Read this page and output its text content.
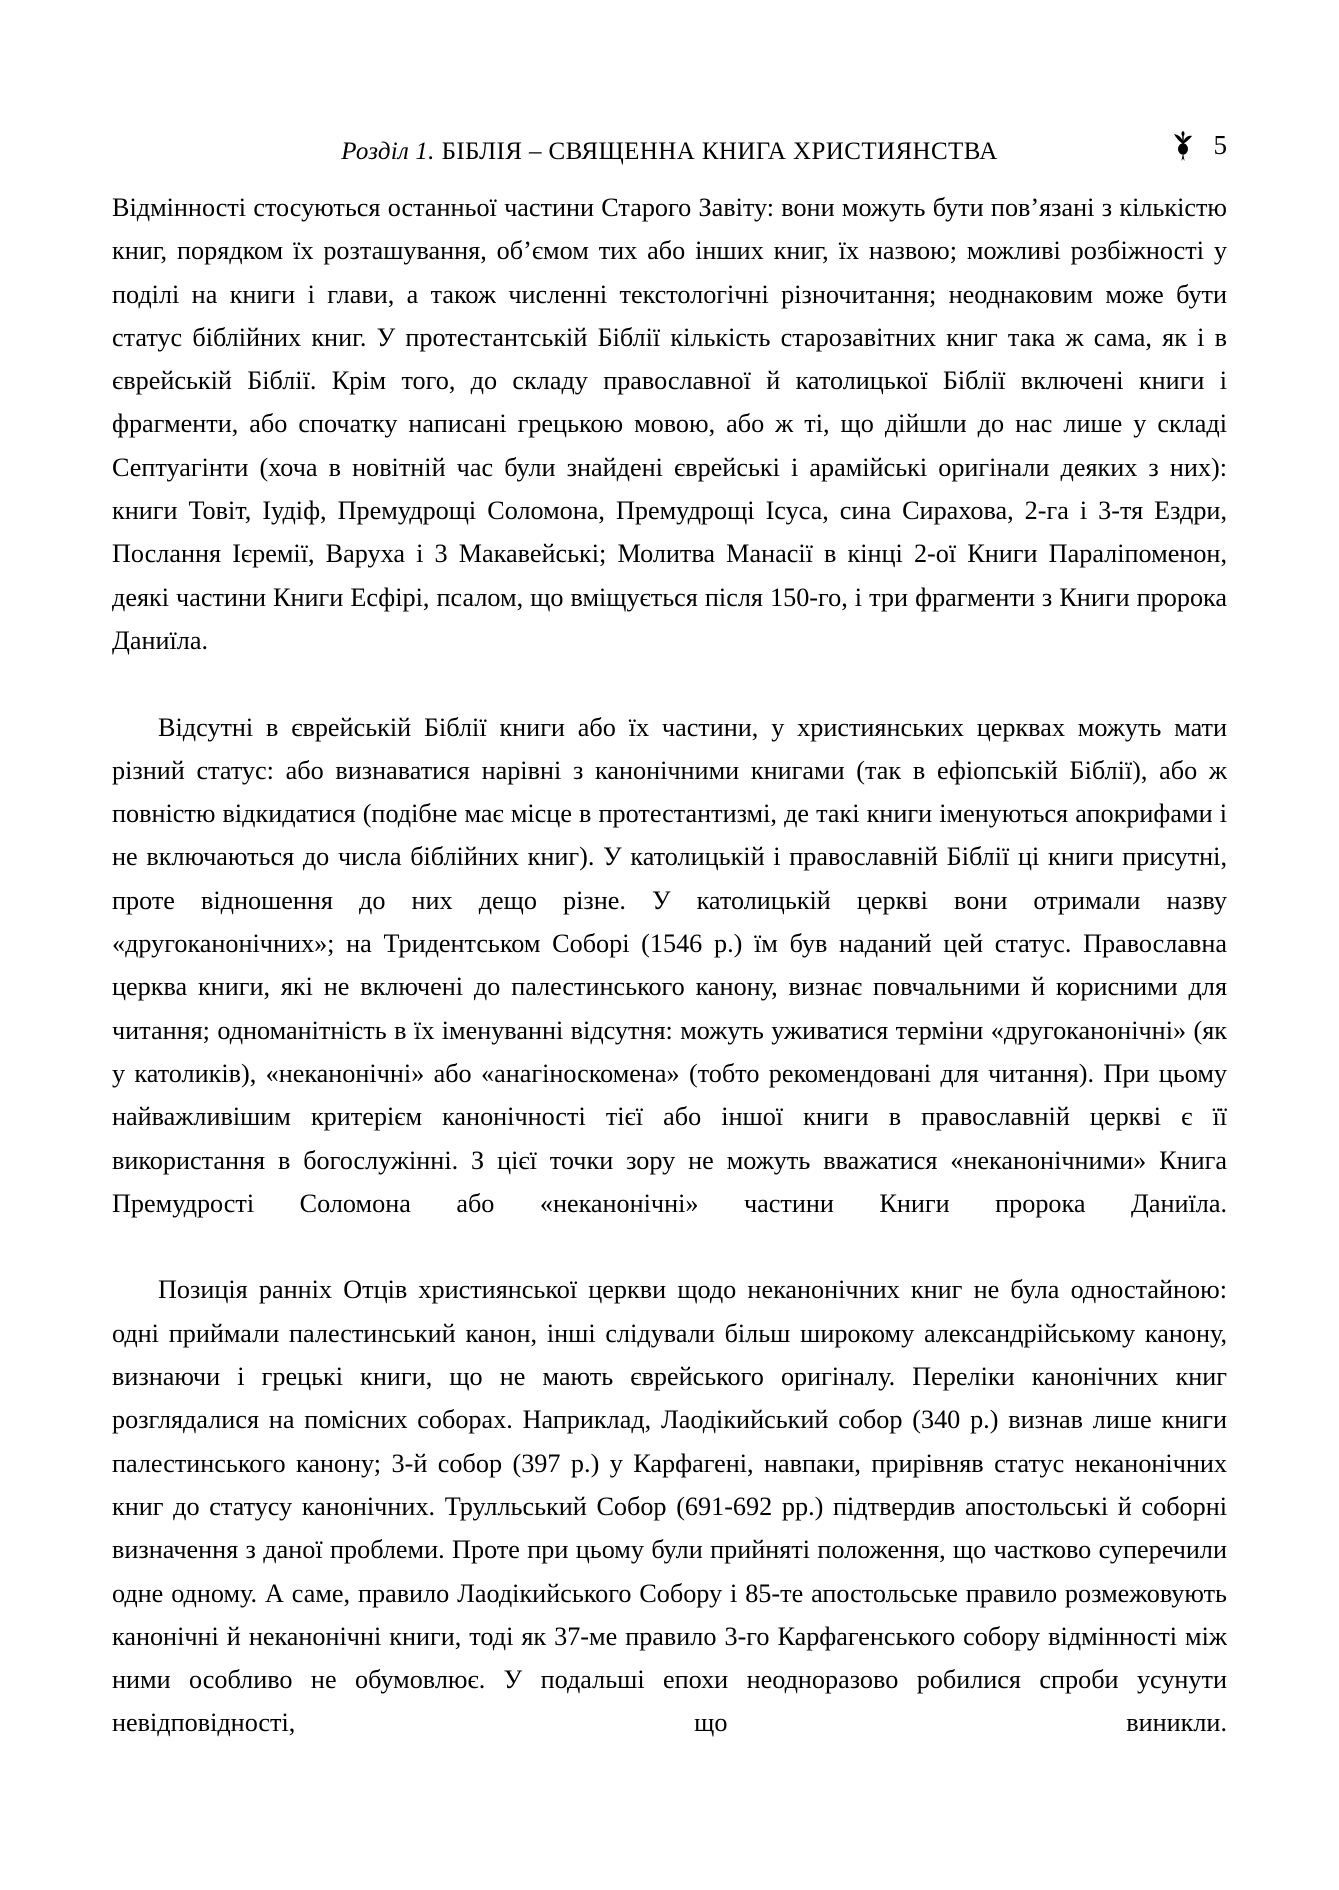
Розділ 1. БІБЛІЯ – СВЯЩЕННА КНИГА ХРИСТИЯНСТВА	5

Відмінності стосуються останньої частини Старого Завіту: вони можуть бути пов’язані з кількістю книг, порядком їх розташування, об’ємом тих або інших книг, їх назвою; можливі розбіжності у поділі на книги і глави, а також численні текстологічні різночитання; неоднаковим може бути статус біблійних книг. У протестантській Біблії кількість старозавітних книг така ж сама, як і в єврейській Біблії. Крім того, до складу православної й католицької Біблії включені книги і фрагменти, або спочатку написані грецькою мовою, або ж ті, що дійшли до нас лише у складі Септуагінти (хоча в новітній час були знайдені єврейські і арамійські оригінали деяких з них): книги Товіт, Іудіф, Премудрощі Соломона, Премудрощі Ісуса, сина Сирахова, 2-га і 3-тя Ездри, Послання Ієремії, Варуха і 3 Макавейські; Молитва Манасії в кінці 2-ої Книги Параліпоменон, деякі частини Книги Есфірі, псалом, що вміщується після 150-го, і три фрагменти з Книги пророка Даниїла.

Відсутні в єврейській Біблії книги або їх частини, у християнських церквах можуть мати різний статус: або визнаватися нарівні з канонічними книгами (так в ефіопській Біблії), або ж повністю відкидатися (подібне має місце в протестантизмі, де такі книги іменуються апокрифами і не включаються до числа біблійних книг). У католицькій і православній Біблії ці книги присутні, проте відношення до них дещо різне. У католицькій церкві вони отримали назву «другоканонічних»; на Тридентськом Соборі (1546 р.) їм був наданий цей статус. Православна церква книги, які не включені до палестинського канону, визнає повчальними й корисними для читання; одноманітність в їх іменуванні відсутня: можуть уживатися терміни «другоканонічні» (як у католиків), «неканонічні» або «анагіноскомена» (тобто рекомендовані для читання). При цьому найважливішим критерієм канонічності тієї або іншої книги в православній церкві є її використання в богослужінні. З цієї точки зору не можуть вважатися «неканонічними» Книга Премудрості Соломона або «неканонічні» частини Книги пророка Даниїла.

Позиція ранніх Отців християнської церкви щодо неканонічних книг не була одностайною: одні приймали палестинський канон, інші слідували більш широкому александрійському канону, визнаючи і грецькі книги, що не мають єврейського оригіналу. Переліки канонічних книг розглядалися на помісних соборах. Наприклад, Лаодікийський собор (340 р.) визнав лише книги палестинського канону; 3-й собор (397 р.) у Карфагені, навпаки, прирівняв статус неканонічних книг до статусу канонічних. Трулльський Собор (691-692 рр.) підтвердив апостольські й соборні визначення з даної проблеми. Проте при цьому були прийняті положення, що частково суперечили одне одному. А саме, правило Лаодікийського Собору і 85-те апостольське правило розмежовують канонічні й неканонічні книги, тоді як 37-ме правило 3-го Карфагенського собору відмінності між ними особливо не обумовлює. У подальші епохи неодноразово робилися спроби усунути невідповідності, що виникли.
